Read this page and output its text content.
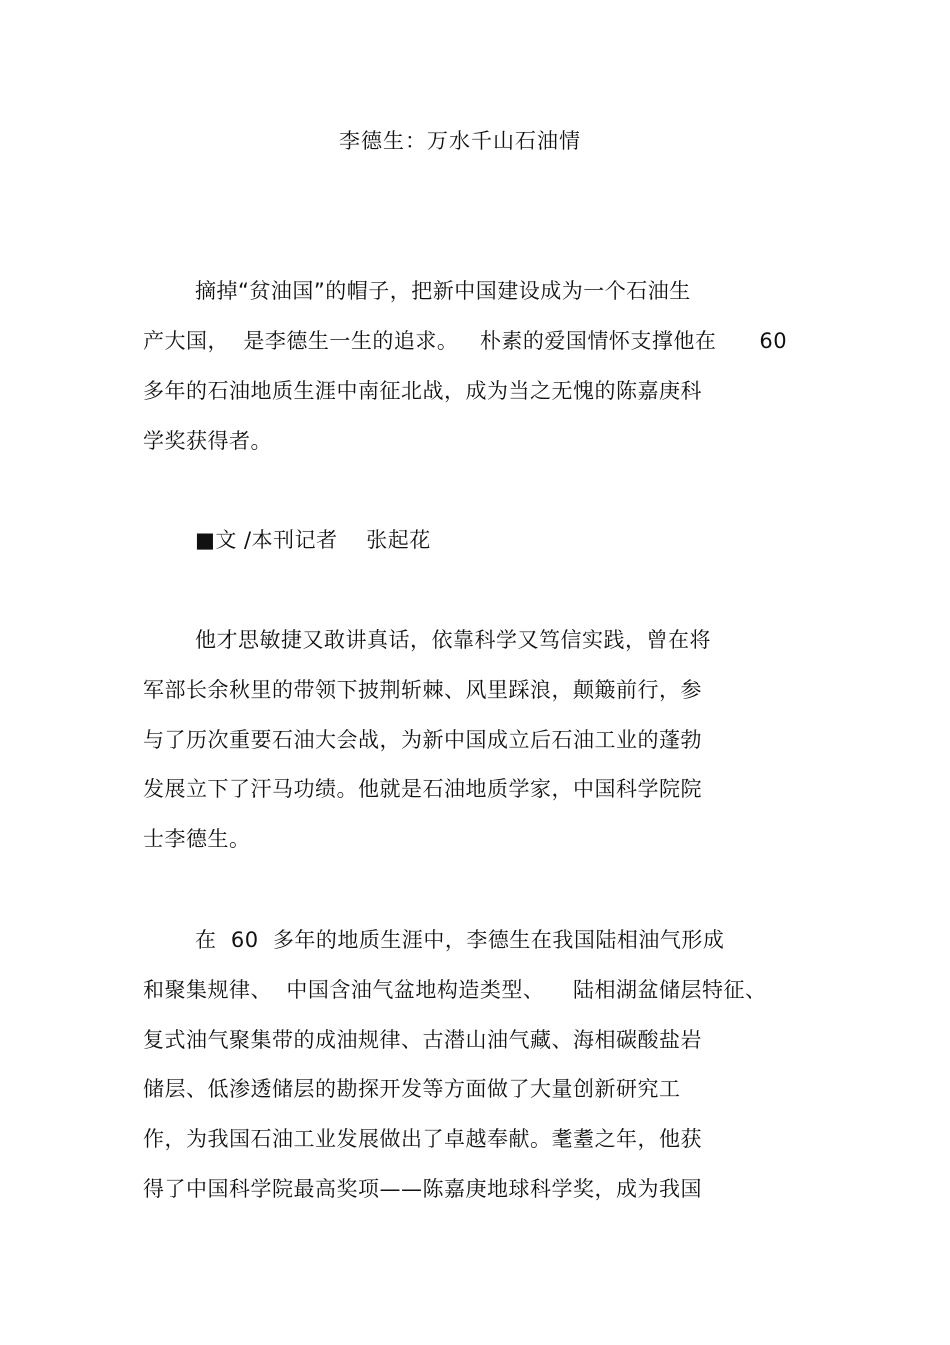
李德生：万水千山石油情
摘掉“贫油国”的帽子，把新中国建设成为一个石油生
产大国，  是李德生一生的追求。   朴素的爱国情怀支撑他在      60
多年的石油地质生涯中南征北战，成为当之无愧的陈嘉庚科
学奖获得者。
■文 /本刊记者    张起花
他才思敏捷又敢讲真话，依靠科学又笃信实践，曾在将
军部长余秋里的带领下披荆斩棘、风里踩浪，颠簸前行，参
与了历次重要石油大会战，为新中国成立后石油工业的蓬勃
发展立下了汗马功绩。他就是石油地质学家，中国科学院院
士李德生。
在  60  多年的地质生涯中，李德生在我国陆相油气形成
和聚集规律、  中国含油气盆地构造类型、    陆相湖盆储层特征、
复式油气聚集带的成油规律、古潜山油气藏、海相碳酸盐岩
储层、低渗透储层的勘探开发等方面做了大量创新研究工
作，为我国石油工业发展做出了卓越奉献。耄耋之年，他获
得了中国科学院最高奖项——陈嘉庚地球科学奖，成为我国
